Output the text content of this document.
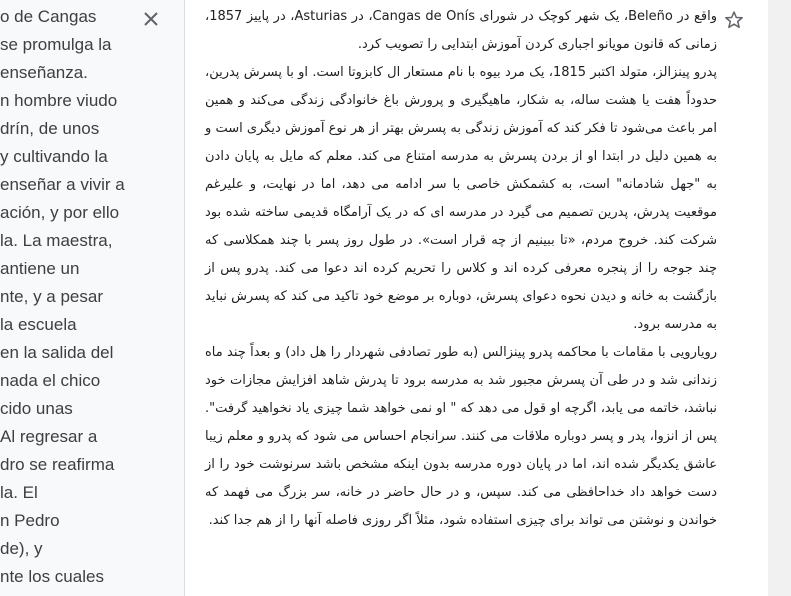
o de Cangas
se promulga la
enseñanza.
n hombre viudo
drín, de unos
y cultivando la
enseñar a vivir a
ación, y por ello
la. La maestra,
antiene un
nte, y a pesar
la escuela
en la salida del
nada el chico
cido unas
Al regresar a
dro se reafirma
la. El
n Pedro
de), y
nte los cuales

واقع در Beleño، یک شهر کوچک در شورای Cangas de Onís، در Asturias، در پاییز 1857، زمانی که قانون مویانو اجباری کردن آموزش ابتدایی را تصویب کرد.

پدرو پینزالز، متولد اکتبر 1815، یک مرد بیوه با نام مستعار ال کابزوتا است. او با پسرش پدرین، حدوداً هفت یا هشت ساله، به شکار، ماهیگیری و پرورش باغ خانوادگی زندگی می‌کند و همین امر باعث می‌شود تا فکر کند که آموزش زندگی به پسرش بهتر از هر نوع آموزش دیگری است و به همین دلیل در ابتدا او از بردن پسرش به مدرسه امتناع می کند. معلم که مایل به پایان دادن به "جهل شادمانه" است، به کشمکش خاصی با سر ادامه می دهد، اما در نهایت، و علیرغم موقعیت پدرش، پدرین تصمیم می گیرد در مدرسه ای که در یک آرامگاه قدیمی ساخته شده بود شرکت کند. خروج مردم، «تا ببینیم از چه قرار است». در طول روز پسر با چند همکلاسی که چند جوجه را از پنجره معرفی کرده اند و کلاس را تحریم کرده اند دعوا می کند. پدرو پس از بازگشت به خانه و دیدن نحوه دعوای پسرش، دوباره بر موضع خود تاکید می کند که پسرش نباید به مدرسه برود.

رویارویی با مقامات با محاکمه پدرو پینزالس (به طور تصادفی شهردار را هل داد) و بعداً چند ماه زندانی شد و در طی آن پسرش مجبور شد به مدرسه برود تا پدرش شاهد افزایش مجازات خود نباشد، خاتمه می یابد، اگرچه او قول می دهد که " او نمی خواهد شما چیزی یاد نخواهید گرفت". پس از انزوا، پدر و پسر دوباره ملاقات می کنند. سرانجام احساس می شود که پدرو و معلم زیبا عاشق یکدیگر شده اند، اما در پایان دوره مدرسه بدون اینکه مشخص باشد سرنوشت خود را از دست خواهد داد خداحافظی می کند. سپس، و در حال حاضر در خانه، سر بزرگ می فهمد که خواندن و نوشتن می تواند برای چیزی استفاده شود، مثلاً اگر روزی فاصله آنها را از هم جدا کند.
